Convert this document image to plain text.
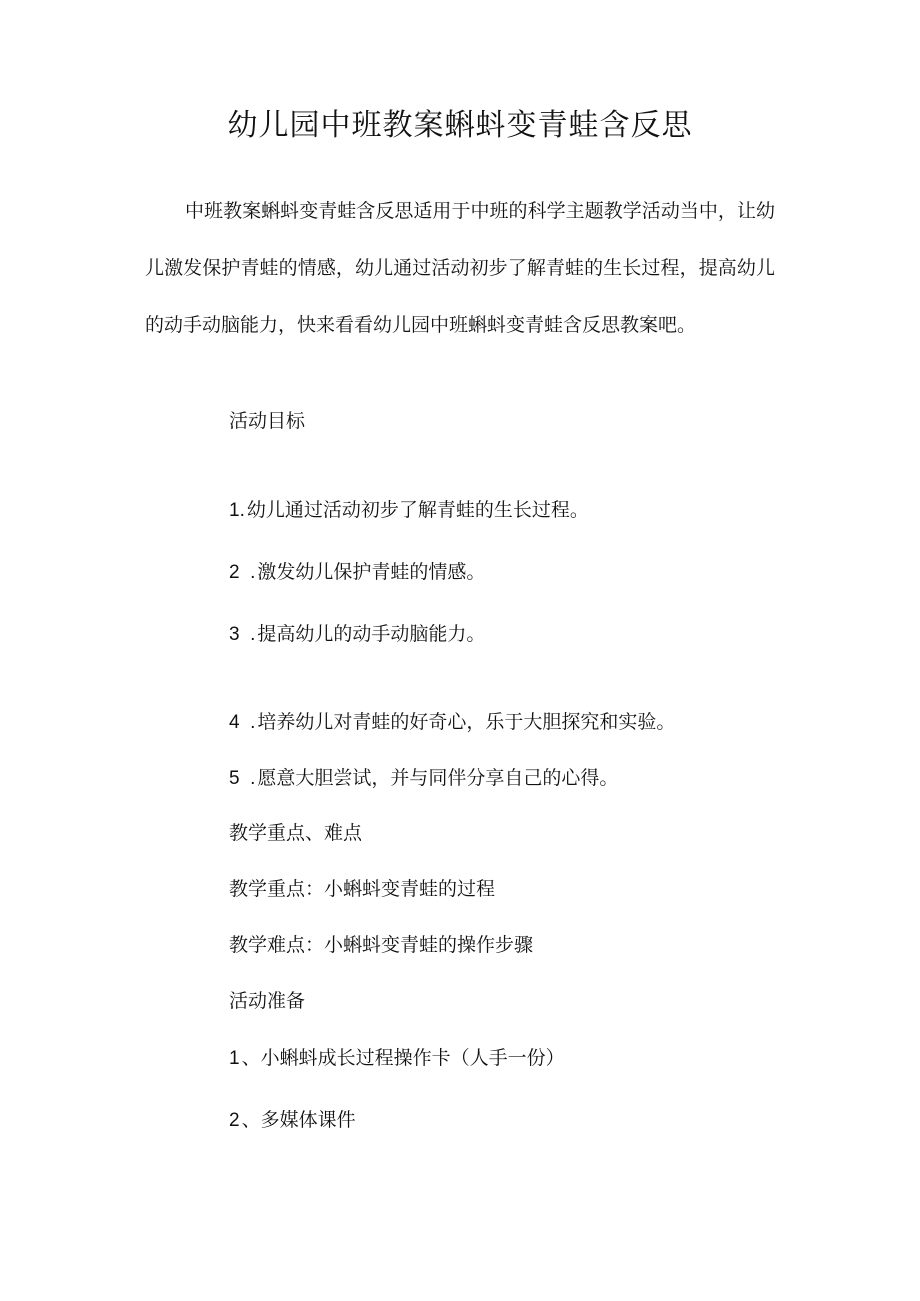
幼儿园中班教案蝌蚪变青蛙含反思
中班教案蝌蚪变青蛙含反思适用于中班的科学主题教学活动当中，让幼儿激发保护青蛙的情感，幼儿通过活动初步了解青蛙的生长过程，提高幼儿的动手动脑能力，快来看看幼儿园中班蝌蚪变青蛙含反思教案吧。
活动目标
1. 幼儿通过活动初步了解青蛙的生长过程。
2  . 激发幼儿保护青蛙的情感。
3  . 提高幼儿的动手动脑能力。
4  . 培养幼儿对青蛙的好奇心，乐于大胆探究和实验。
5  . 愿意大胆尝试，并与同伴分享自己的心得。
教学重点、难点
教学重点：小蝌蚪变青蛙的过程
教学难点：小蝌蚪变青蛙的操作步骤
活动准备
1 、小蝌蚪成长过程操作卡（人手一份）
2 、多媒体课件
